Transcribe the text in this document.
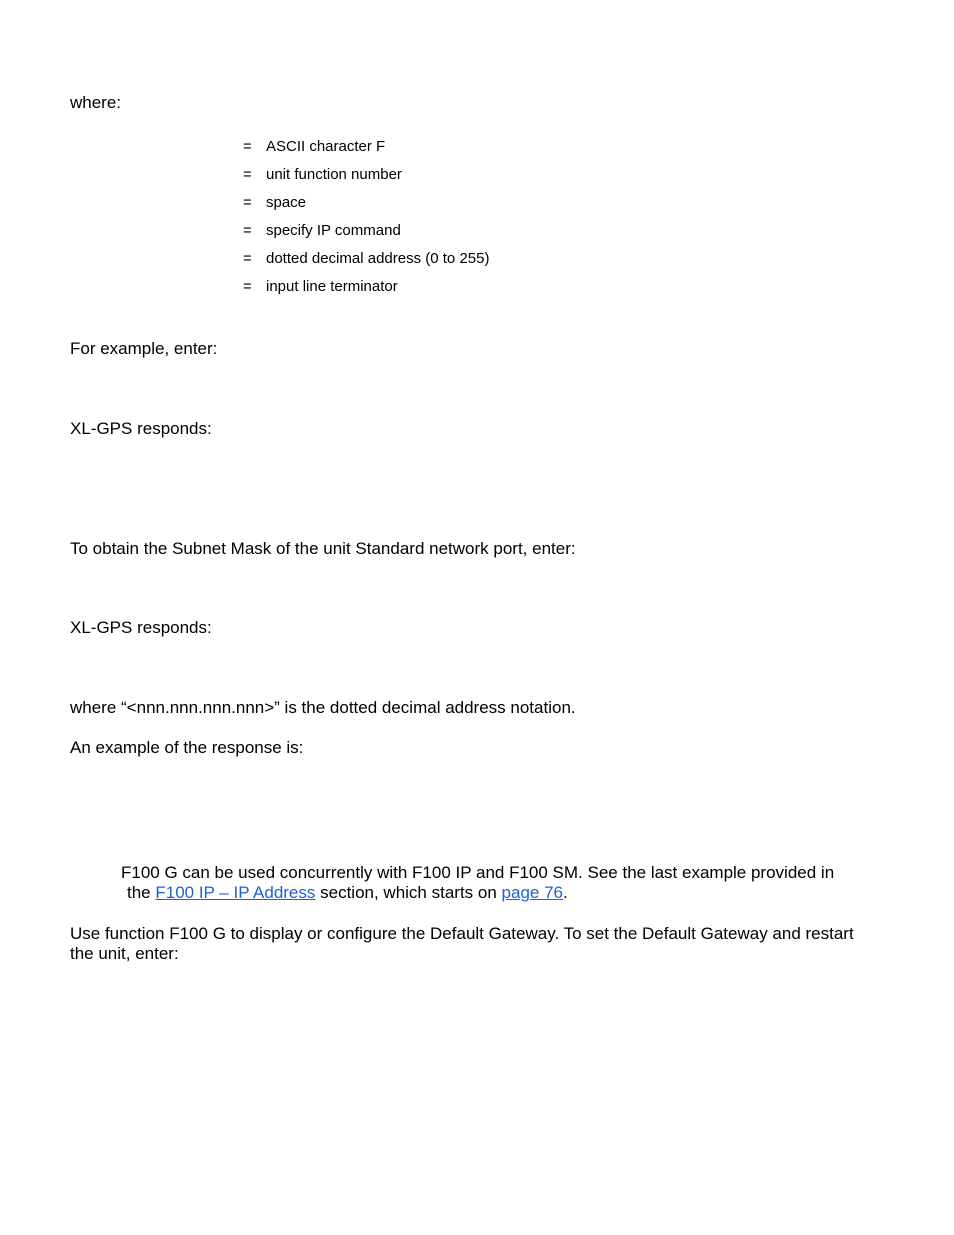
where:
= ASCII character F
= unit function number
= space
= specify IP command
= dotted decimal address (0 to 255)
= input line terminator
For example, enter:
XL-GPS responds:
To obtain the Subnet Mask of the unit Standard network port, enter:
XL-GPS responds:
where “<nnn.nnn.nnn.nnn>” is the dotted decimal address notation.
An example of the response is:
F100 G can be used concurrently with F100 IP and F100 SM. See the last example provided in
the F100 IP – IP Address section, which starts on page 76.
Use function F100 G to display or configure the Default Gateway. To set the Default Gateway and restart the unit, enter:
